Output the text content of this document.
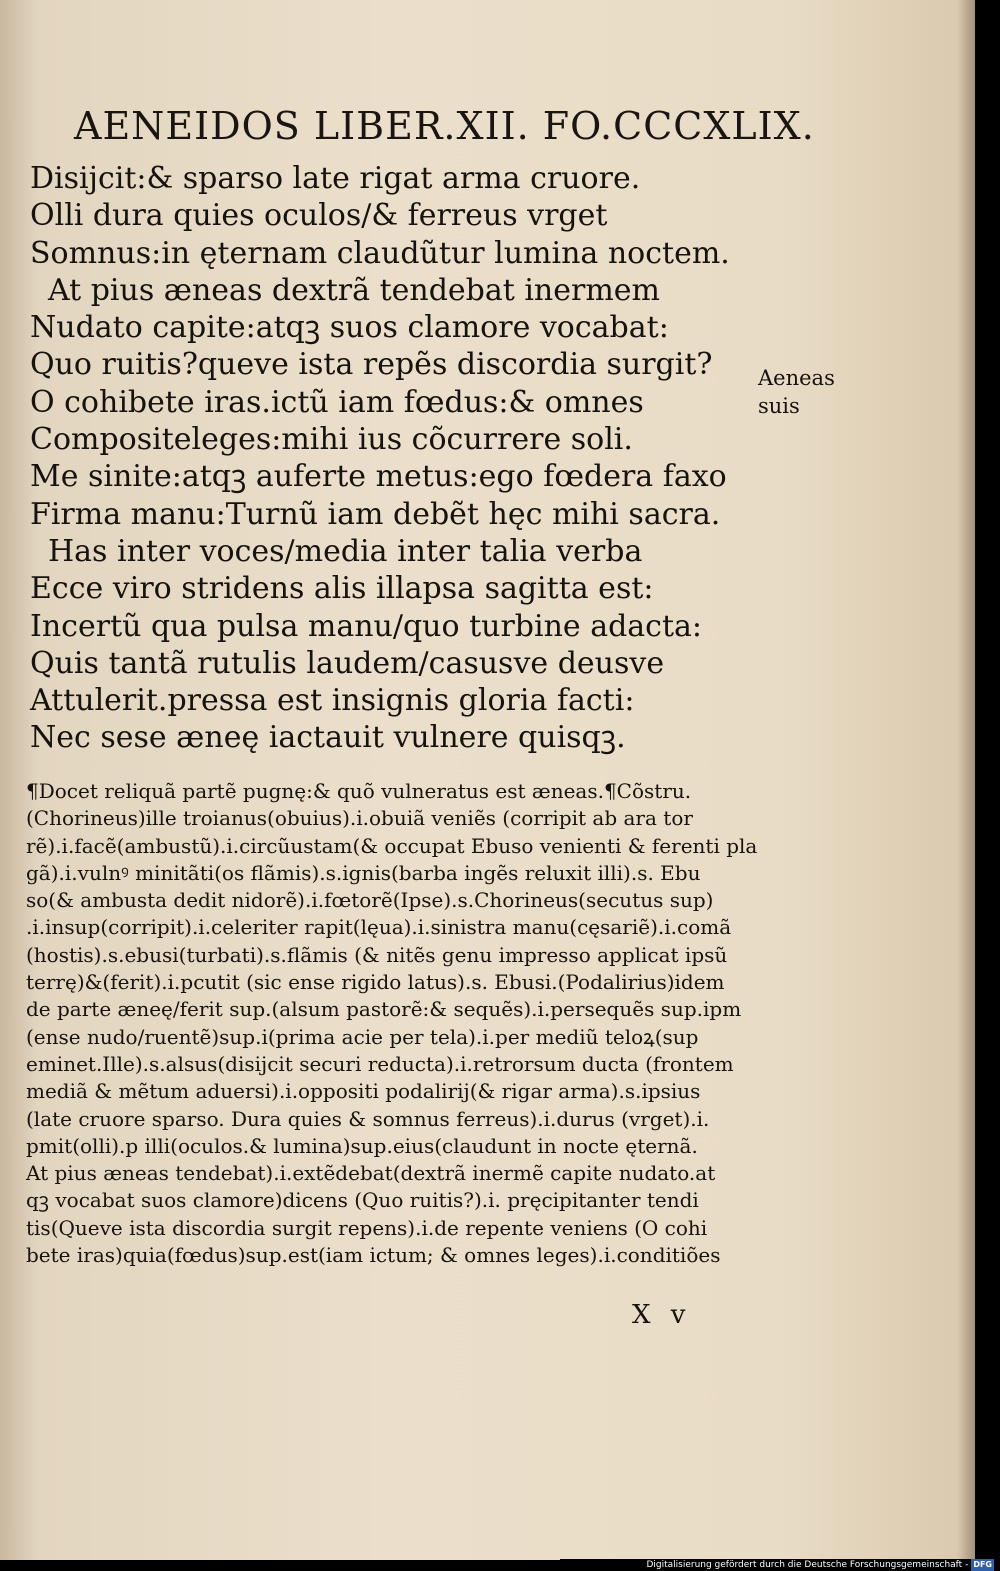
AENEIDOS LIBER.XII. FO.CCCXLIX.
Disijcit:& sparso late rigat arma cruore.
Olli dura quies oculos/& ferreus vrget
Somnus:in ęternam claudũtur lumina noctem.
At pius æneas dextrã tendebat inermem
Nudato capite:atqꝫ suos clamore vocabat:
Quo ruitis?queve ista repẽs discordia surgit?
O cohibete iras.ictũ iam fœdus:& omnes
Compositeleges:mihi ius cõcurrere soli.
Me sinite:atqꝫ auferte metus:ego fœdera faxo
Firma manu:Turnũ iam debẽt hęc mihi sacra.
Has inter voces/media inter talia verba
Ecce viro stridens alis illapsa sagitta est:
Incertũ qua pulsa manu/quo turbine adacta:
Quis tantã rutulis laudem/casusve deusve
Attulerit.pressa est insignis gloria facti:
Nec sese æneę iactauit vulnere quisqꝫ.
Aeneas
suis
¶Docet reliquã partẽ pugnę:& quõ vulneratus est æneas.¶Cõstru.
(Chorineus)ille troianus(obuius).i.obuiã veniẽs (corripit ab ara tor
rẽ).i.facẽ(ambustũ).i.circũustam(& occupat Ebuso venienti & ferenti pla
gã).i.vulnꝰ minitãti(os flãmis).s.ignis(barba ingẽs reluxit illi).s. Ebu
so(& ambusta dedit nidorẽ).i.fœtorẽ(Ipse).s.Chorineus(secutus sup)
.i.insup(corripit).i.celeriter rapit(lęua).i.sinistra manu(cęsariẽ).i.comã
(hostis).s.ebusi(turbati).s.flãmis (& nitẽs genu impresso applicat ipsũ
terrę)&(ferit).i.pcutit (sic ense rigido latus).s. Ebusi.(Podalirius)idem
de parte æneę/ferit sup.(alsum pastorẽ:& sequẽs).i.persequẽs sup.ipm
(ense nudo/ruentẽ)sup.i(prima acie per tela).i.per mediũ teloꝝ(sup
eminet.Ille).s.alsus(disijcit securi reducta).i.retrorsum ducta (frontem
mediã & mẽtum aduersi).i.oppositi podalirij(& rigar arma).s.ipsius
(late cruore sparso. Dura quies & somnus ferreus).i.durus (vrget).i.
pmit(olli).p illi(oculos.& lumina)sup.eius(claudunt in nocte ęternã.
At pius æneas tendebat).i.extẽdebat(dextrã inermẽ capite nudato.at
qꝫ vocabat suos clamore)dicens (Quo ruitis?).i. pręcipitanter tendi
tis(Queve ista discordia surgit repens).i.de repente veniens (O cohi
bete iras)quia(fœdus)sup.est(iam ictum; & omnes leges).i.conditiões
X v
Digitalisierung gefördert durch die Deutsche Forschungsgemeinschaft - DFG
